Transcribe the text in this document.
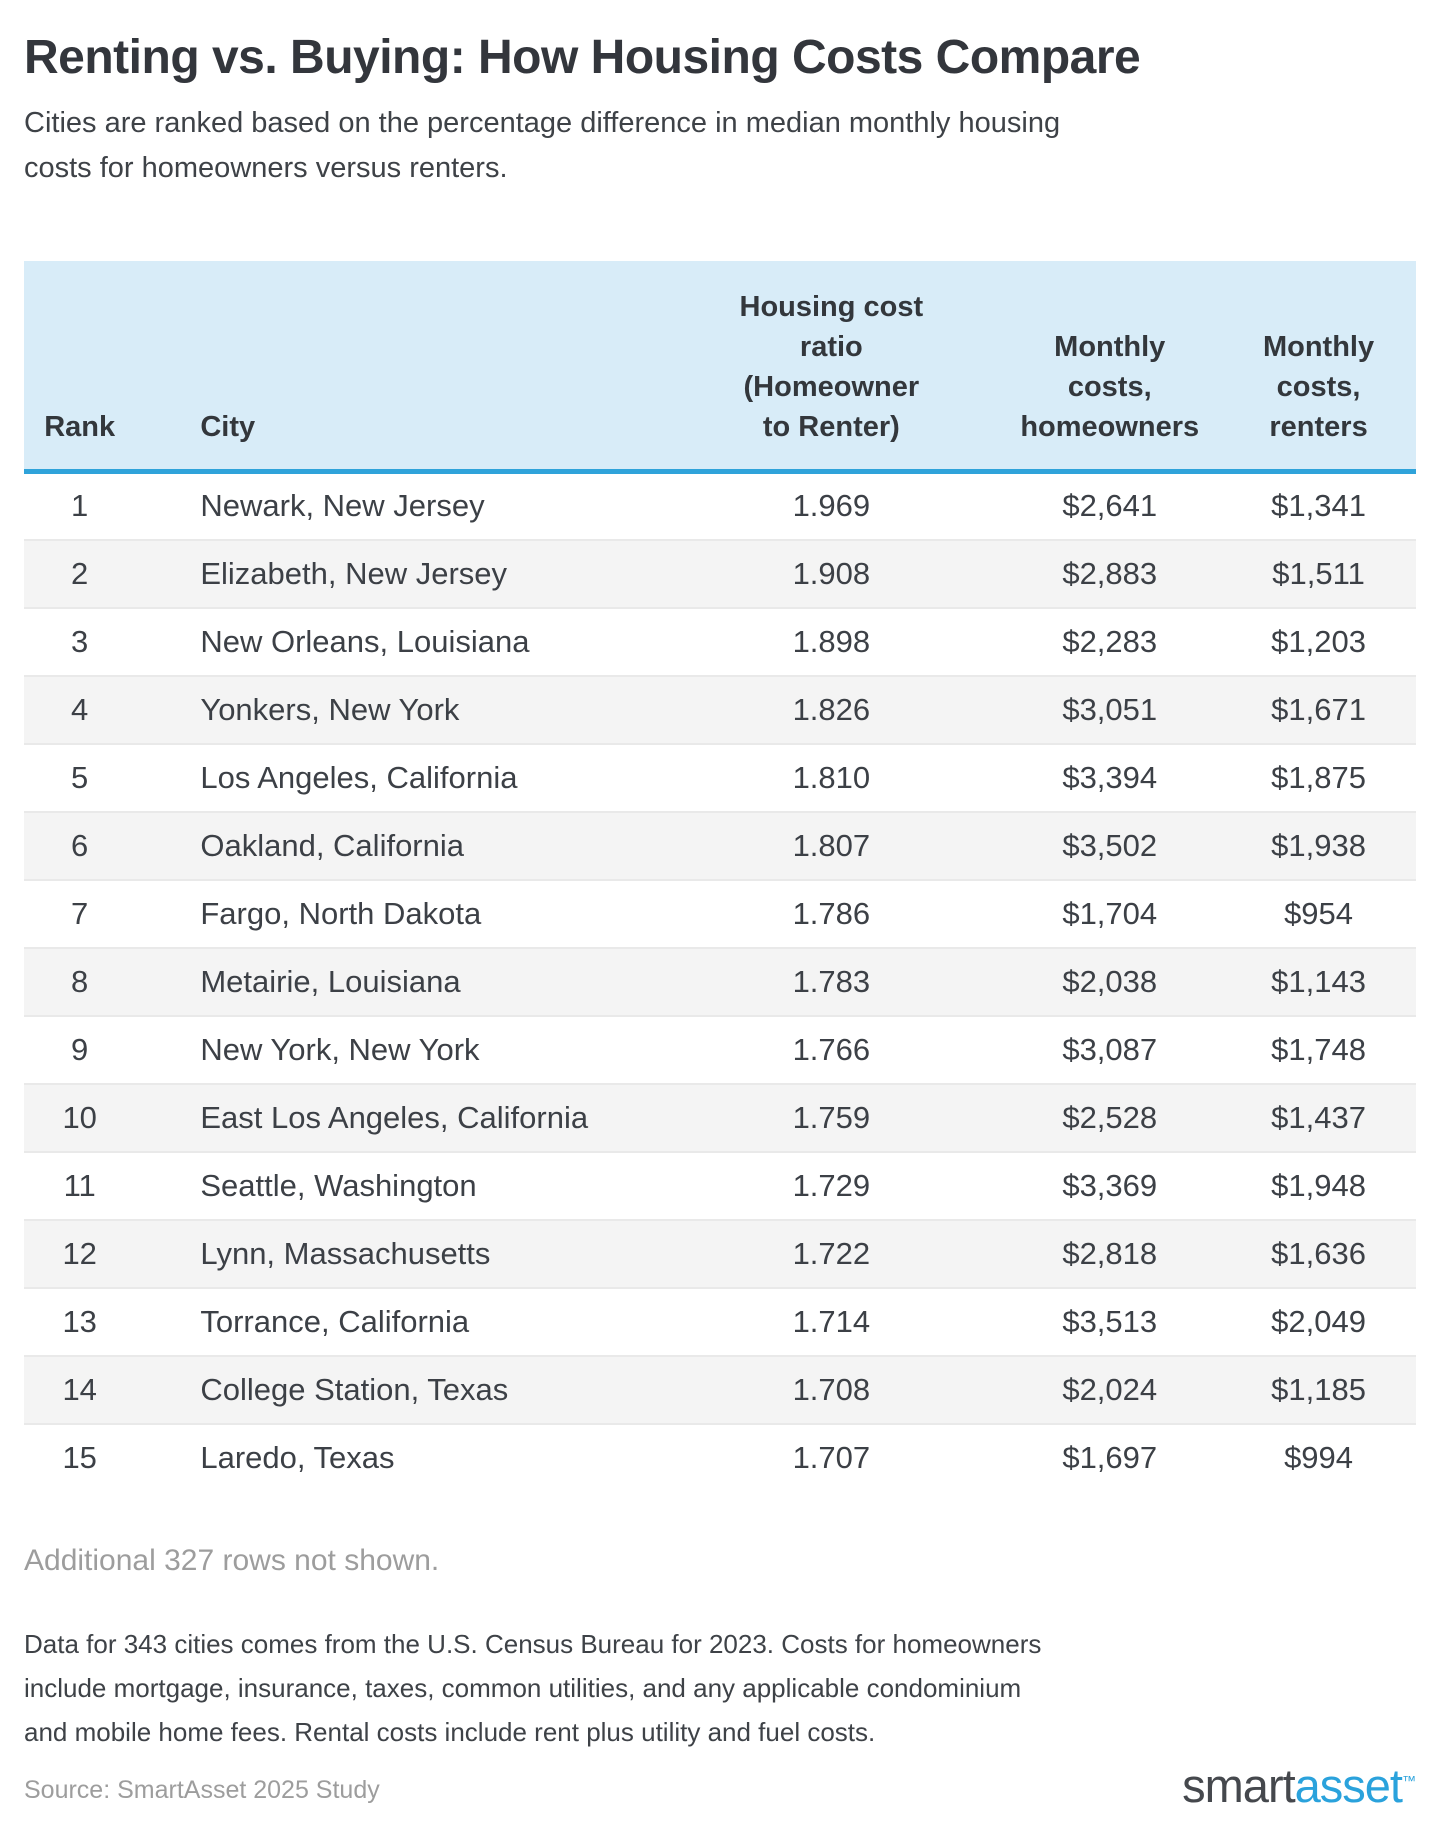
Renting vs. Buying: How Housing Costs Compare

Cities are ranked based on the percentage difference in median monthly housing costs for homeowners versus renters.

Rank	City	Housing cost ratio (Homeowner to Renter)	Monthly costs, homeowners	Monthly costs, renters
1	Newark, New Jersey	1.969	$2,641	$1,341
2	Elizabeth, New Jersey	1.908	$2,883	$1,511
3	New Orleans, Louisiana	1.898	$2,283	$1,203
4	Yonkers, New York	1.826	$3,051	$1,671
5	Los Angeles, California	1.810	$3,394	$1,875
6	Oakland, California	1.807	$3,502	$1,938
7	Fargo, North Dakota	1.786	$1,704	$954
8	Metairie, Louisiana	1.783	$2,038	$1,143
9	New York, New York	1.766	$3,087	$1,748
10	East Los Angeles, California	1.759	$2,528	$1,437
11	Seattle, Washington	1.729	$3,369	$1,948
12	Lynn, Massachusetts	1.722	$2,818	$1,636
13	Torrance, California	1.714	$3,513	$2,049
14	College Station, Texas	1.708	$2,024	$1,185
15	Laredo, Texas	1.707	$1,697	$994

Additional 327 rows not shown.

Data for 343 cities comes from the U.S. Census Bureau for 2023. Costs for homeowners include mortgage, insurance, taxes, common utilities, and any applicable condominium and mobile home fees. Rental costs include rent plus utility and fuel costs.

Source: SmartAsset 2025 Study	smartasset™
